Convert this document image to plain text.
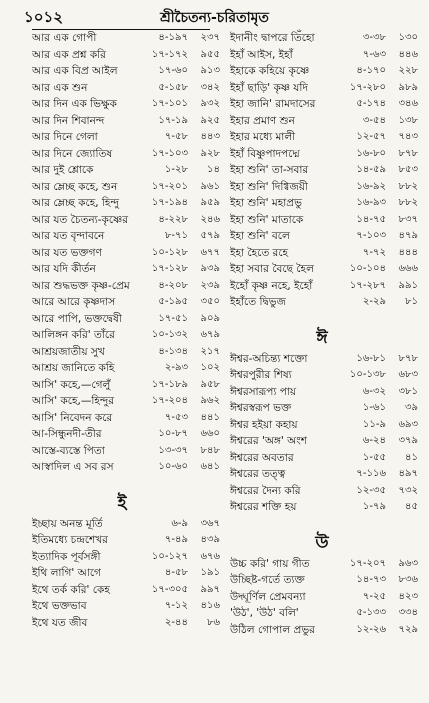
১০১২	শ্রীচৈতন্য-চরিতামৃত
আর এক গোপী	৪-১৯৭	২৩৭
আর এক প্রশ্ন করি	১৭-১৭২	৯৫৫
আর এক বিপ্র আইল	১৭-৬০	৯১৩
আর এক শুন	৫-১৫৮	৩৪২
আর দিন এক ভিক্ষুক	১৭-১০১	৯৩২
আর দিন শিবানন্দ	১৭-১৯	৯২৫
আর দিনে গেলা	৭-৫৮	৪৪৩
আর দিনে জ্যোতিষ	১৭-১০৩	৯২৮
আর দুই শ্লোকে	১-২৮	১৪
আর ম্লেচ্ছ কহে, শুন	১৭-২০১	৯৬১
আর ম্লেচ্ছ কহে, হিন্দু	১৭-১৯৪	৯৫৯
আর যত চৈতন্য-কৃষ্ণের	৪-২২৮	২৪৬
আর যত বৃন্দাবনে	৮-৭১	৫৭৯
আর যত ভক্তগণ	১০-১২৮	৬৭৭
আর যদি কীর্তন	১৭-১২৮	৯৩৯
আর শুদ্ধভক্ত কৃষ্ণ-প্রেম	৪-২০৮	২৩৯
আরে আরে কৃষ্ণদাস	৫-১৯৫	৩৫০
আরে পাপি, ভক্তদ্বেষী	১৭-৫১	৯০৯
আলিঙ্গন করি' তাঁরে	১০-১৩২	৬৭৯
আশ্রয়জাতীয় সুখ	৪-১৩৪	২১৭
আশ্রয় জানিতে কহি	২-৯৩	১০২
আসি' কহে,—গেলুঁ	১৭-১৮৯	৯৫৮
আসি' কহে,—হিন্দুর	১৭-২০৪	৯৬২
আসি' নিবেদন করে	৭-৫৩	৪৪১
আ-সিন্ধুনদী-তীর	১০-৮৭	৬৬০
আস্তে-ব্যস্তে পিতা	১৩-৩৭	৮৪৮
আস্বাদিল এ সব রস	১০-৬০	৬৪১
ই
ইচ্ছায় অনন্ত মূর্তি	৬-৯	৩৬৭
ইতিমধ্যে চন্দ্রশেখর	৭-৪৯	৪৩৯
ইত্যাদিক পূর্বসঙ্গী	১০-১২৭	৬৭৬
ইথি লাগি' আগে	৪-৫৮	১৯১
ইথে তর্ক করি' কেহ	১৭-৩০৫	৯৯৭
ইথে ভক্তভাব	৭-১২	৪১৬
ইথে যত জীব	২-৪৪	৮৬
ইদানীং দ্বাপরে তিঁহো	৩-৩৮	১৩০
ইহাঁ আইস, ইহাঁ	৭-৬৩	৪৪৬
ইহাকে কহিয়ে কৃষ্ণে	৪-১৭০	২২৮
ইহাঁ ছাড়ি' কৃষ্ণ যদি	১৭-২৮০	৯৮৯
ইহা জানি' রামদাসের	৫-১৭৪	৩৪৬
ইহার প্রমাণ শুন	৩-৫৪	১৩৮
ইহার মধ্যে মালী	১২-৫৭	৭৪৩
ইহাঁ বিষ্ণুপাদপদ্মে	১৬-৮০	৮৭৮
ইহা শুনি' তা-সবার	১৪-৫৯	৮৫৩
ইহা শুনি' দিগ্বিজয়ী	১৬-৯২	৮৮২
ইহা শুনি' মহাপ্রভু	১৬-৯৩	৮৮২
ইহা শুনি' মাতাকে	১৪-৭৫	৮৩৭
ইহা শুনি' বলে	৭-১০৩	৪৭৯
ইহা হৈতে রহে	৭-৭২	৪৪৪
ইহা সবার বৈছে হৈল	১০-১০৪	৬৬৬
ইহোঁ কৃষ্ণ নহে, ইহোঁ	১৭-২৮৭	৯৯১
ইহাঁতে দ্বিভুজ	২-২৯	৮১
ঈ
ঈশ্বর-অচিন্ত্য শক্তো	১৬-৮১	৮৭৮
ঈশ্বরপুরীর শিষ্য	১০-১৩৮	৬৮৩
ঈশ্বরসারূপ্য পায়	৬-৩২	৩৮১
ঈশ্বরস্বরূপ ভক্ত	১-৬১	৩৯
ঈশ্বর হইয়া কহায়	১১-৯	৬৯৩
ঈশ্বরের 'অঙ্গ' অংশ	৬-২৪	৩৭৯
ঈশ্বরের অবতার	১-৫৫	৪১
ঈশ্বরের তত্ত্ব	৭-১১৬	৪৯৭
ঈশ্বরের দৈন্য করি	১২-৩৫	৭৩২
ঈশ্বরের শক্তি হয়	১-৭৯	৪৫
উ
উচ্চ করি' গায় গীত	১৭-২০৭	৯৬৩
উচ্ছিষ্ট-গর্তে ত্যক্ত	১৪-৭৩	৮৩৬
উদ্ঘূর্ণিল প্রেমবন্যা	৭-২৫	৪২৩
'উঠ', 'উঠ' বলি'	৫-১৩৩	৩৩৪
উঠিল গোপাল প্রভুর	১২-২৬	৭২৯
